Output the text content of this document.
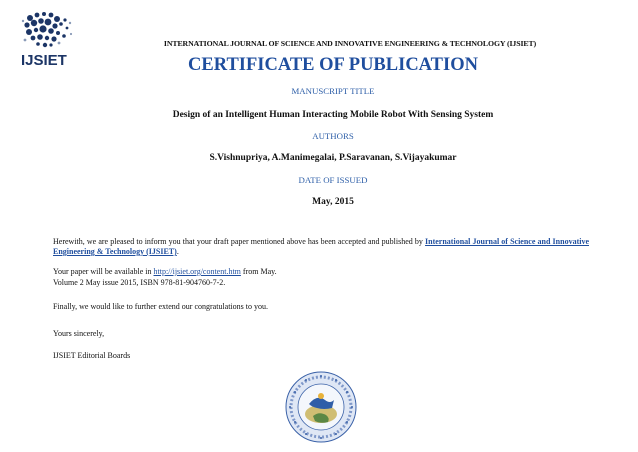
IJSIET
INTERNATIONAL JOURNAL OF SCIENCE AND INNOVATIVE ENGINEERING & TECHNOLOGY (IJSIET)
CERTIFICATE OF PUBLICATION
MANUSCRIPT TITLE
Design of an Intelligent Human Interacting Mobile Robot With Sensing System
AUTHORS
S.Vishnupriya, A.Manimegalai, P.Saravanan, S.Vijayakumar
DATE OF ISSUED
May, 2015
Herewith, we are pleased to inform you that your draft paper mentioned above has been accepted and published by International Journal of Science and Innovative Engineering & Technology (IJSIET).
Your paper will be available in http://ijsiet.org/content.htm from May.
Volume 2 May issue 2015, ISBN 978-81-904760-7-2.
Finally, we would like to further extend our congratulations to you.
Yours sincerely,
IJSIET Editorial Boards
